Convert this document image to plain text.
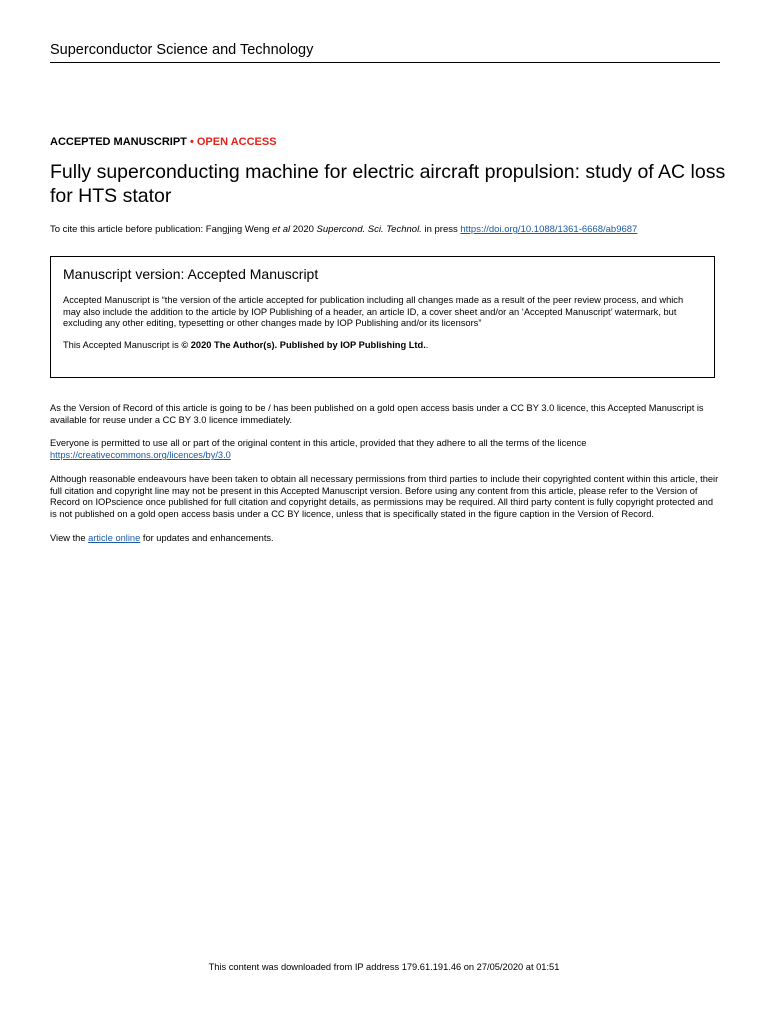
Superconductor Science and Technology
ACCEPTED MANUSCRIPT • OPEN ACCESS
Fully superconducting machine for electric aircraft propulsion: study of AC loss for HTS stator
To cite this article before publication: Fangjing Weng et al 2020 Supercond. Sci. Technol. in press https://doi.org/10.1088/1361-6668/ab9687
Manuscript version: Accepted Manuscript

Accepted Manuscript is “the version of the article accepted for publication including all changes made as a result of the peer review process, and which may also include the addition to the article by IOP Publishing of a header, an article ID, a cover sheet and/or an ‘Accepted Manuscript’ watermark, but excluding any other editing, typesetting or other changes made by IOP Publishing and/or its licensors”

This Accepted Manuscript is © 2020 The Author(s). Published by IOP Publishing Ltd..

As the Version of Record of this article is going to be / has been published on a gold open access basis under a CC BY 3.0 licence, this Accepted Manuscript is available for reuse under a CC BY 3.0 licence immediately.

Everyone is permitted to use all or part of the original content in this article, provided that they adhere to all the terms of the licence
https://creativecommons.org/licences/by/3.0

Although reasonable endeavours have been taken to obtain all necessary permissions from third parties to include their copyrighted content within this article, their full citation and copyright line may not be present in this Accepted Manuscript version. Before using any content from this article, please refer to the Version of Record on IOPscience once published for full citation and copyright details, as permissions may be required. All third party content is fully copyright protected and is not published on a gold open access basis under a CC BY licence, unless that is specifically stated in the figure caption in the Version of Record.

View the article online for updates and enhancements.

This content was downloaded from IP address 179.61.191.46 on 27/05/2020 at 01:51
